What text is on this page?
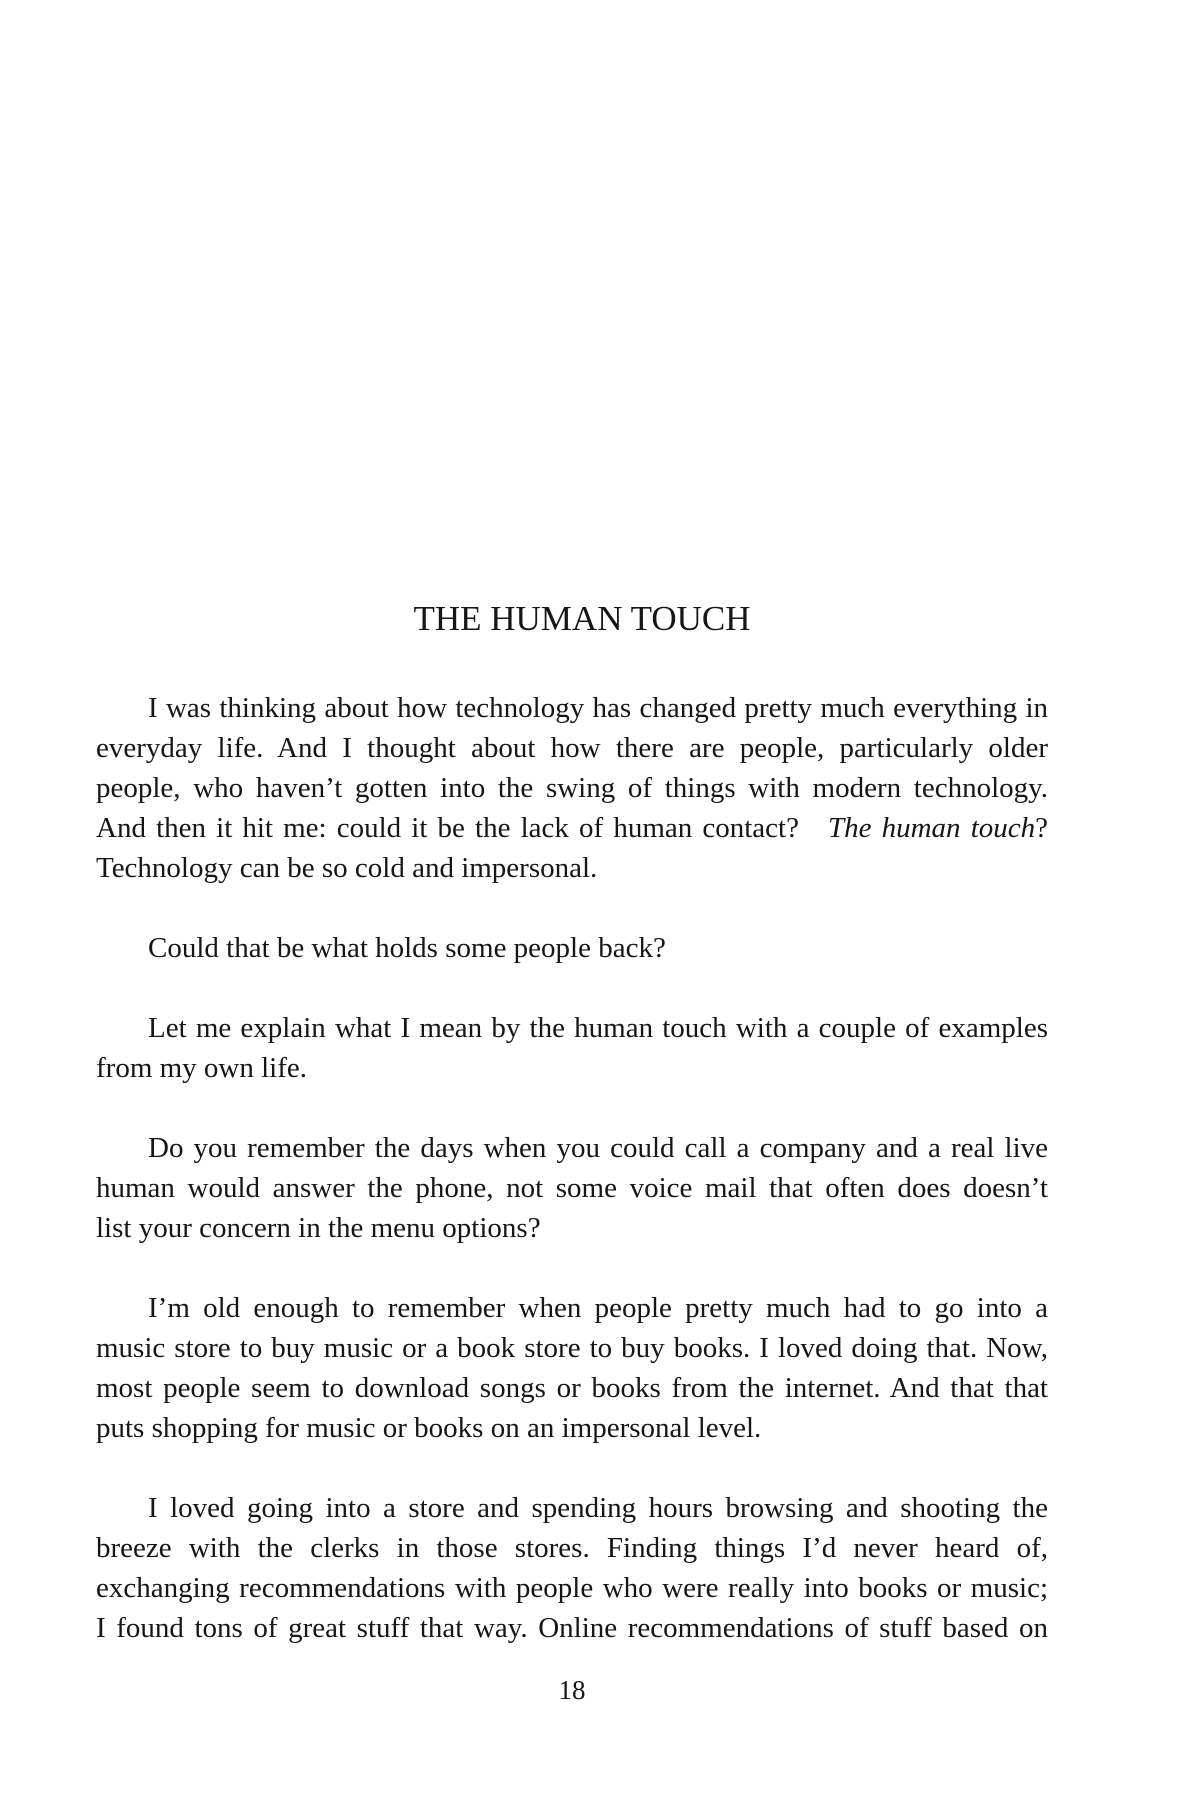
THE HUMAN TOUCH
I was thinking about how technology has changed pretty much everything in
everyday life. And I thought about how there are people, particularly older
people, who haven’t gotten into the swing of things with modern technology.
And then it hit me: could it be the lack of human contact? The human touch?
Technology can be so cold and impersonal.
Could that be what holds some people back?
Let me explain what I mean by the human touch with a couple of examples
from my own life.
Do you remember the days when you could call a company and a real live
human would answer the phone, not some voice mail that often does doesn’t
list your concern in the menu options?
I’m old enough to remember when people pretty much had to go into a
music store to buy music or a book store to buy books. I loved doing that. Now,
most people seem to download songs or books from the internet. And that that
puts shopping for music or books on an impersonal level.
I loved going into a store and spending hours browsing and shooting the
breeze with the clerks in those stores. Finding things I’d never heard of,
exchanging recommendations with people who were really into books or music;
I found tons of great stuff that way. Online recommendations of stuff based on
18
